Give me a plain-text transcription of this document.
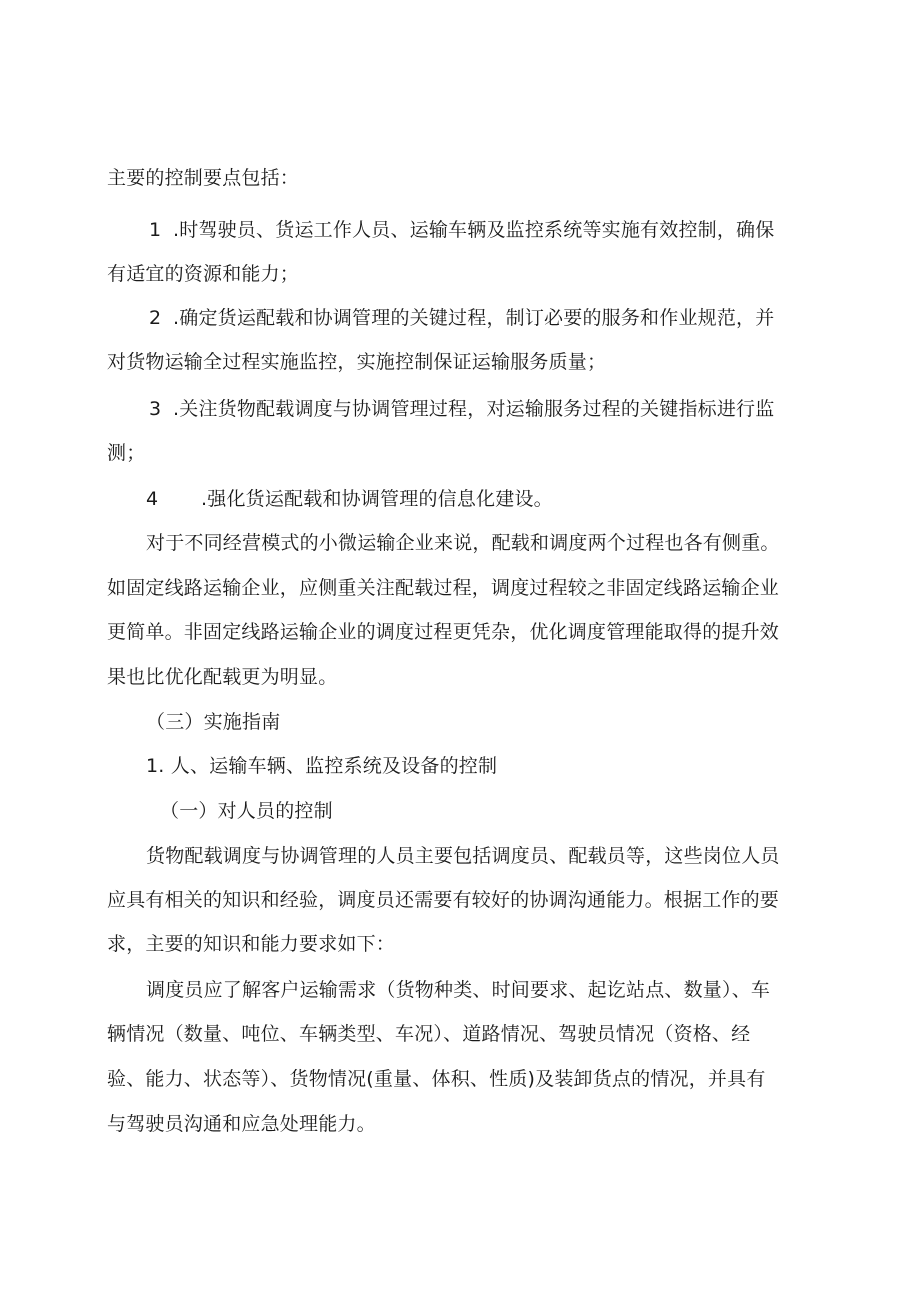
主要的控制要点包括：
1 .时驾驶员、货运工作人员、运输车辆及监控系统等实施有效控制，确保
有适宜的资源和能力；
2 .确定货运配载和协调管理的关键过程，制订必要的服务和作业规范，并
对货物运输全过程实施监控，实施控制保证运输服务质量；
3 .关注货物配载调度与协调管理过程，对运输服务过程的关键指标进行监
测；
4 .强化货运配载和协调管理的信息化建设。
对于不同经营模式的小微运输企业来说，配载和调度两个过程也各有侧重。
如固定线路运输企业，应侧重关注配载过程，调度过程较之非固定线路运输企业
更简单。非固定线路运输企业的调度过程更凭杂，优化调度管理能取得的提升效
果也比优化配载更为明显。
（三）实施指南
1. 人、运输车辆、监控系统及设备的控制
（一）对人员的控制
货物配载调度与协调管理的人员主要包括调度员、配载员等，这些岗位人员
应具有相关的知识和经验，调度员还需要有较好的协调沟通能力。根据工作的要
求，主要的知识和能力要求如下：
调度员应了解客户运输需求（货物种类、时间要求、起讫站点、数量）、车
辆情况（数量、吨位、车辆类型、车况）、道路情况、驾驶员情况（资格、经
验、能力、状态等）、货物情况(重量、体积、性质)及装卸货点的情况，并具有
与驾驶员沟通和应急处理能力。
